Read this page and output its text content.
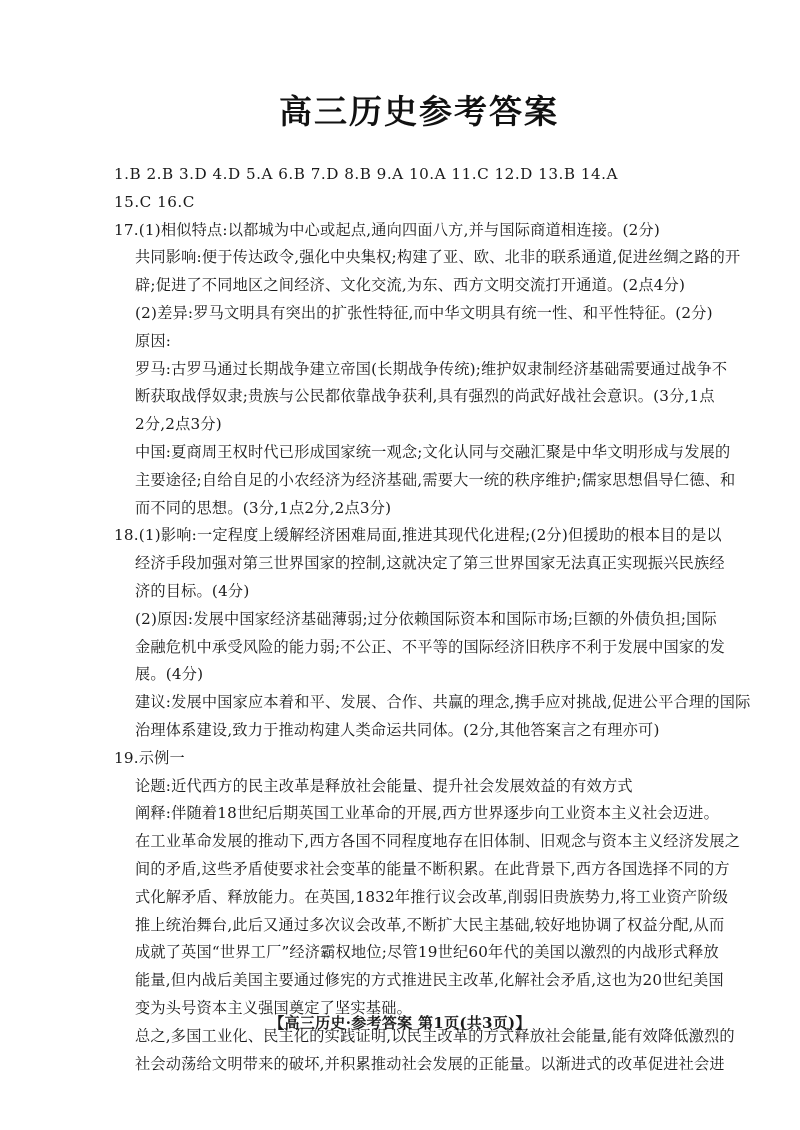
高三历史参考答案
1.B 2.B 3.D 4.D 5.A 6.B 7.D 8.B 9.A 10.A 11.C 12.D 13.B 14.A
15.C 16.C
17.(1)相似特点:以都城为中心或起点,通向四面八方,并与国际商道相连接。(2分)
共同影响:便于传达政令,强化中央集权;构建了亚、欧、北非的联系通道,促进丝绸之路的开
辟;促进了不同地区之间经济、文化交流,为东、西方文明交流打开通道。(2点4分)
(2)差异:罗马文明具有突出的扩张性特征,而中华文明具有统一性、和平性特征。(2分)
原因:
罗马:古罗马通过长期战争建立帝国(长期战争传统);维护奴隶制经济基础需要通过战争不
断获取战俘奴隶;贵族与公民都依靠战争获利,具有强烈的尚武好战社会意识。(3分,1点
2分,2点3分)
中国:夏商周王权时代已形成国家统一观念;文化认同与交融汇聚是中华文明形成与发展的
主要途径;自给自足的小农经济为经济基础,需要大一统的秩序维护;儒家思想倡导仁德、和
而不同的思想。(3分,1点2分,2点3分)
18.(1)影响:一定程度上缓解经济困难局面,推进其现代化进程;(2分)但援助的根本目的是以
经济手段加强对第三世界国家的控制,这就决定了第三世界国家无法真正实现振兴民族经
济的目标。(4分)
(2)原因:发展中国家经济基础薄弱;过分依赖国际资本和国际市场;巨额的外债负担;国际
金融危机中承受风险的能力弱;不公正、不平等的国际经济旧秩序不利于发展中国家的发
展。(4分)
建议:发展中国家应本着和平、发展、合作、共赢的理念,携手应对挑战,促进公平合理的国际
治理体系建设,致力于推动构建人类命运共同体。(2分,其他答案言之有理亦可)
19.示例一
论题:近代西方的民主改革是释放社会能量、提升社会发展效益的有效方式
阐释:伴随着18世纪后期英国工业革命的开展,西方世界逐步向工业资本主义社会迈进。
在工业革命发展的推动下,西方各国不同程度地存在旧体制、旧观念与资本主义经济发展之
间的矛盾,这些矛盾使要求社会变革的能量不断积累。在此背景下,西方各国选择不同的方
式化解矛盾、释放能力。在英国,1832年推行议会改革,削弱旧贵族势力,将工业资产阶级
推上统治舞台,此后又通过多次议会改革,不断扩大民主基础,较好地协调了权益分配,从而
成就了英国“世界工厂”经济霸权地位;尽管19世纪60年代的美国以激烈的内战形式释放
能量,但内战后美国主要通过修宪的方式推进民主改革,化解社会矛盾,这也为20世纪美国
变为头号资本主义强国奠定了坚实基础。
总之,多国工业化、民主化的实践证明,以民主改革的方式释放社会能量,能有效降低激烈的
社会动荡给文明带来的破坏,并积累推动社会发展的正能量。以渐进式的改革促进社会进
【高三历史·参考答案 第1页(共3页)】
